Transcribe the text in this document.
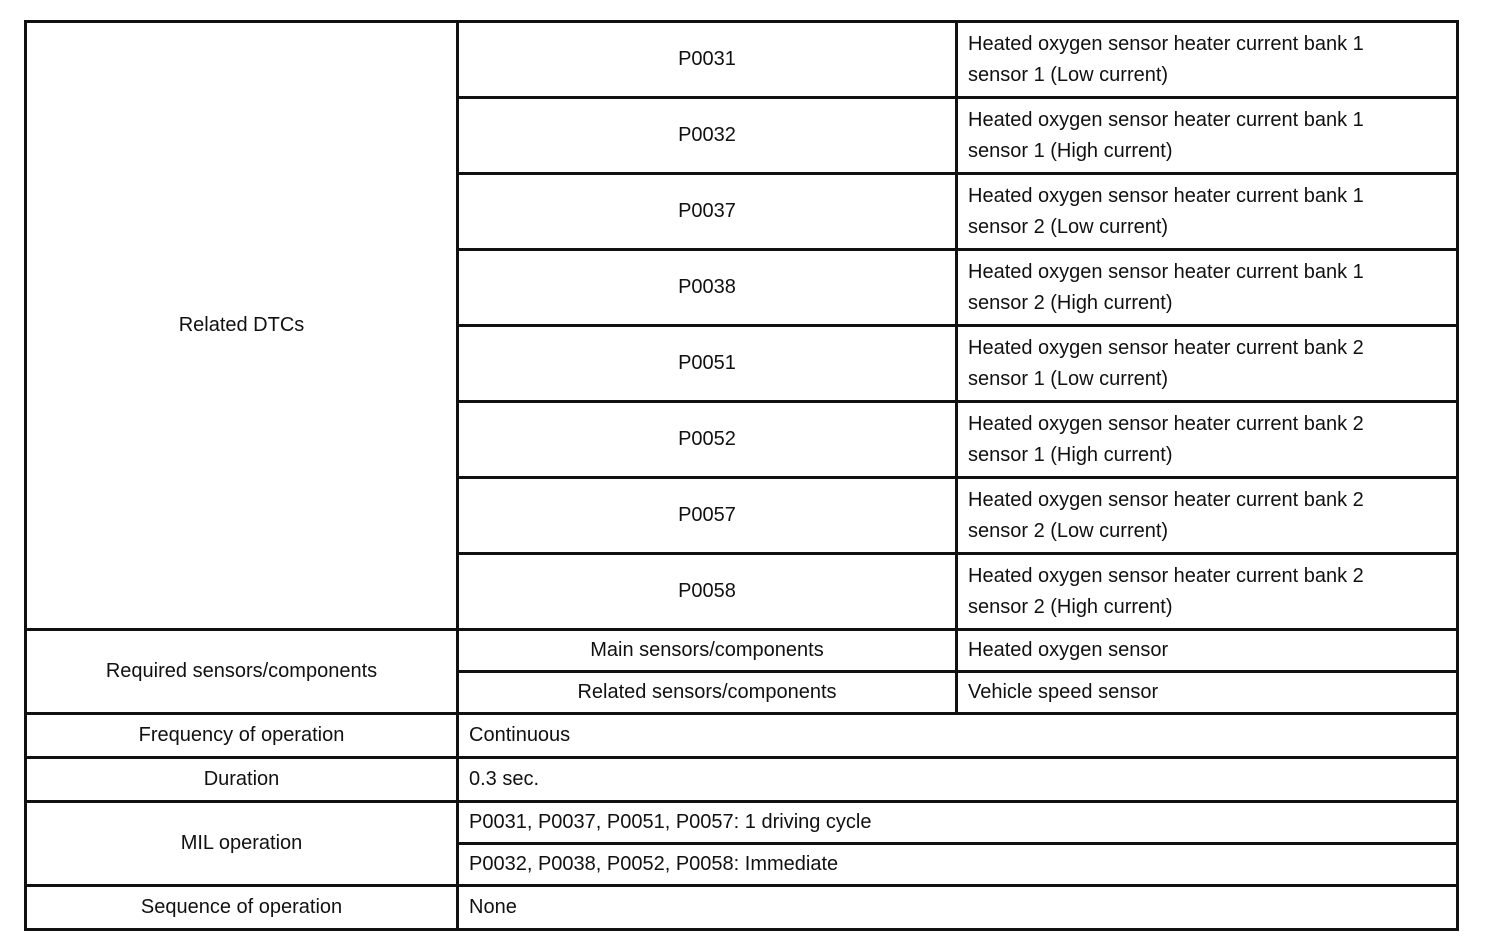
Related DTCs	P0031	Heated oxygen sensor heater current bank 1
sensor 1 (Low current)
	P0032	Heated oxygen sensor heater current bank 1
sensor 1 (High current)
	P0037	Heated oxygen sensor heater current bank 1
sensor 2 (Low current)
	P0038	Heated oxygen sensor heater current bank 1
sensor 2 (High current)
	P0051	Heated oxygen sensor heater current bank 2
sensor 1 (Low current)
	P0052	Heated oxygen sensor heater current bank 2
sensor 1 (High current)
	P0057	Heated oxygen sensor heater current bank 2
sensor 2 (Low current)
	P0058	Heated oxygen sensor heater current bank 2
sensor 2 (High current)
Required sensors/components	Main sensors/components	Heated oxygen sensor
	Related sensors/components	Vehicle speed sensor
Frequency of operation	Continuous	
Duration	0.3 sec.	
MIL operation	P0031, P0037, P0051, P0057: 1 driving cycle	
	P0032, P0038, P0052, P0058: Immediate	
Sequence of operation	None	
